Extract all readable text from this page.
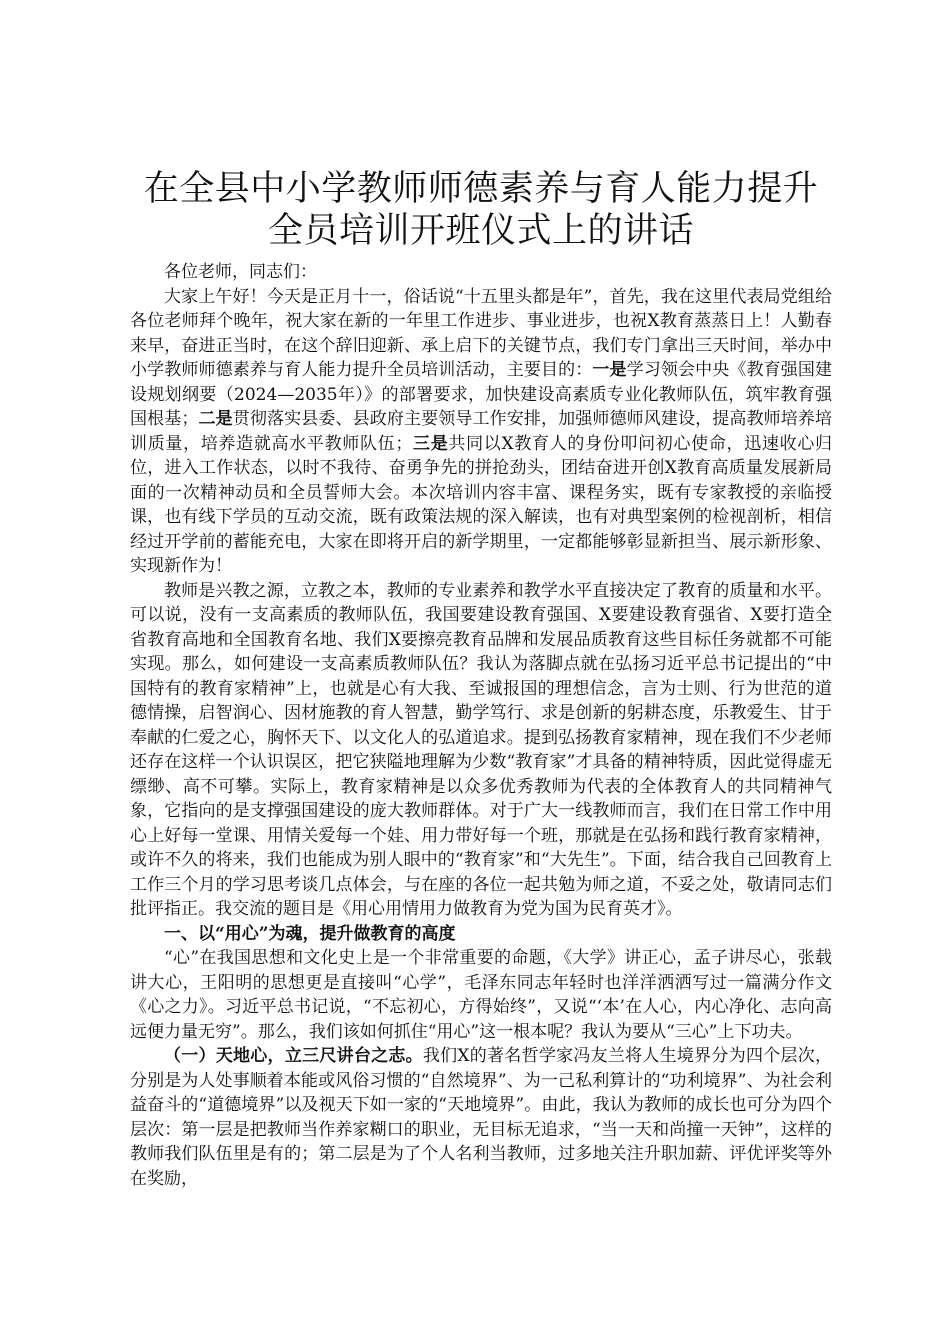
在全县中小学教师师德素养与育人能力提升全员培训开班仪式上的讲话

各位老师，同志们：

大家上午好！今天是正月十一，俗话说“十五里头都是年”，首先，我在这里代表局党组给各位老师拜个晚年，祝大家在新的一年里工作进步、事业进步，也祝X教育蒸蒸日上！人勤春来早，奋进正当时，在这个辞旧迎新、承上启下的关键节点，我们专门拿出三天时间，举办中小学教师师德素养与育人能力提升全员培训活动，主要目的：一是学习领会中央《教育强国建设规划纲要（2024—2035年）》的部署要求，加快建设高素质专业化教师队伍，筑牢教育强国根基；二是贯彻落实县委、县政府主要领导工作安排，加强师德师风建设，提高教师培养培训质量，培养造就高水平教师队伍；三是共同以X教育人的身份叩问初心使命，迅速收心归位，进入工作状态，以时不我待、奋勇争先的拼抢劲头，团结奋进开创X教育高质量发展新局面的一次精神动员和全员誓师大会。本次培训内容丰富、课程务实，既有专家教授的亲临授课，也有线下学员的互动交流，既有政策法规的深入解读，也有对典型案例的检视剖析，相信经过开学前的蓄能充电，大家在即将开启的新学期里，一定都能够彰显新担当、展示新形象、实现新作为！

教师是兴教之源，立教之本，教师的专业素养和教学水平直接决定了教育的质量和水平。可以说，没有一支高素质的教师队伍，我国要建设教育强国、X要建设教育强省、X要打造全省教育高地和全国教育名地、我们X要擦亮教育品牌和发展品质教育这些目标任务就都不可能实现。那么，如何建设一支高素质教师队伍？我认为落脚点就在弘扬习近平总书记提出的“中国特有的教育家精神”上，也就是心有大我、至诚报国的理想信念，言为士则、行为世范的道德情操，启智润心、因材施教的育人智慧，勤学笃行、求是创新的躬耕态度，乐教爱生、甘于奉献的仁爱之心，胸怀天下、以文化人的弘道追求。提到弘扬教育家精神，现在我们不少老师还存在这样一个认识误区，把它狭隘地理解为少数“教育家”才具备的精神特质，因此觉得虚无缥缈、高不可攀。实际上，教育家精神是以众多优秀教师为代表的全体教育人的共同精神气象，它指向的是支撑强国建设的庞大教师群体。对于广大一线教师而言，我们在日常工作中用心上好每一堂课、用情关爱每一个娃、用力带好每一个班，那就是在弘扬和践行教育家精神，或许不久的将来，我们也能成为别人眼中的“教育家”和“大先生”。下面，结合我自己回教育上工作三个月的学习思考谈几点体会，与在座的各位一起共勉为师之道，不妥之处，敬请同志们批评指正。我交流的题目是《用心用情用力做教育为党为国为民育英才》。

一、以“用心”为魂，提升做教育的高度

“心”在我国思想和文化史上是一个非常重要的命题，《大学》讲正心，孟子讲尽心，张载讲大心，王阳明的思想更是直接叫“心学”，毛泽东同志年轻时也洋洋洒洒写过一篇满分作文《心之力》。习近平总书记说，“不忘初心，方得始终”，又说“‘本’在人心，内心净化、志向高远便力量无穷”。那么，我们该如何抓住“用心”这一根本呢？我认为要从“三心”上下功夫。

（一）天地心，立三尺讲台之志。我们X的著名哲学家冯友兰将人生境界分为四个层次，分别是为人处事顺着本能或风俗习惯的“自然境界”、为一己私利算计的“功利境界”、为社会利益奋斗的“道德境界”以及视天下如一家的“天地境界”。由此，我认为教师的成长也可分为四个层次：第一层是把教师当作养家糊口的职业，无目标无追求，“当一天和尚撞一天钟”，这样的教师我们队伍里是有的；第二层是为了个人名利当教师，过多地关注升职加薪、评优评奖等外在奖励，
